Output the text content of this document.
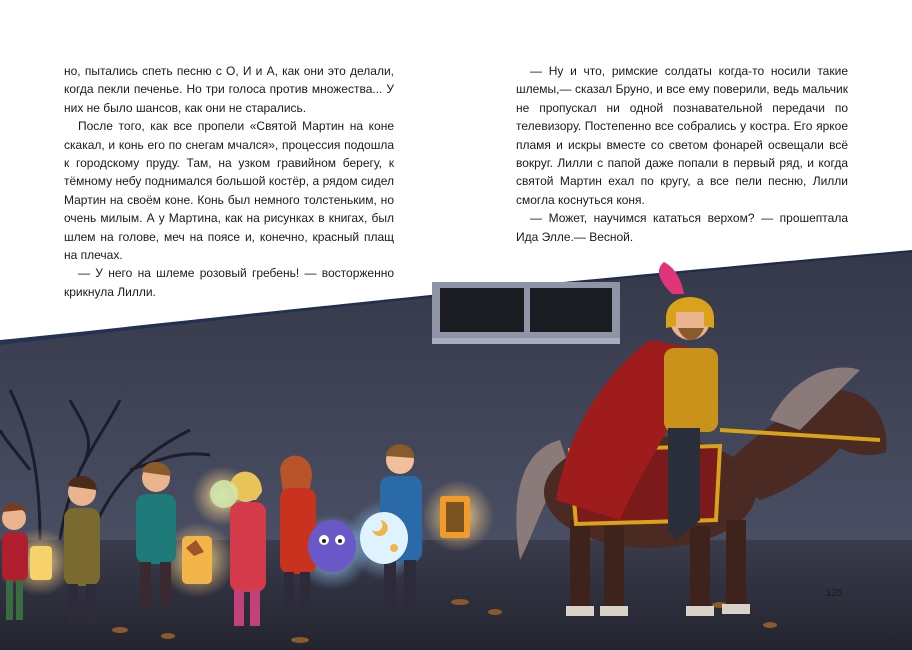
но, пытались спеть песню с О, И и А, как они это делали, когда пекли печенье. Но три голоса против множества... У них не было шансов, как они не старались.

После того, как все пропели «Святой Мартин на коне скакал, и конь его по снегам мчался», процессия подошла к городскому пруду. Там, на узком гравийном берегу, к тёмному небу поднимался большой костёр, а рядом сидел Мартин на своём коне. Конь был немного толстеньким, но очень милым. А у Мартина, как на рисунках в книгах, был шлем на голове, меч на поясе и, конечно, красный плащ на плечах.

— У него на шлеме розовый гребень! — восторженно крикнула Лилли.

— Ну и что, римские солдаты когда-то носили такие шлемы,— сказал Бруно, и все ему поверили, ведь мальчик не пропускал ни одной познавательной передачи по телевизору. Постепенно все собрались у костра. Его яркое пламя и искры вместе со светом фонарей освещали всё вокруг. Лилли с папой даже попали в первый ряд, и когда святой Мартин ехал по кругу, а все пели песню, Лилли смогла коснуться коня.

— Может, научимся кататься верхом? — прошептала Ида Элле.— Весной.

125
